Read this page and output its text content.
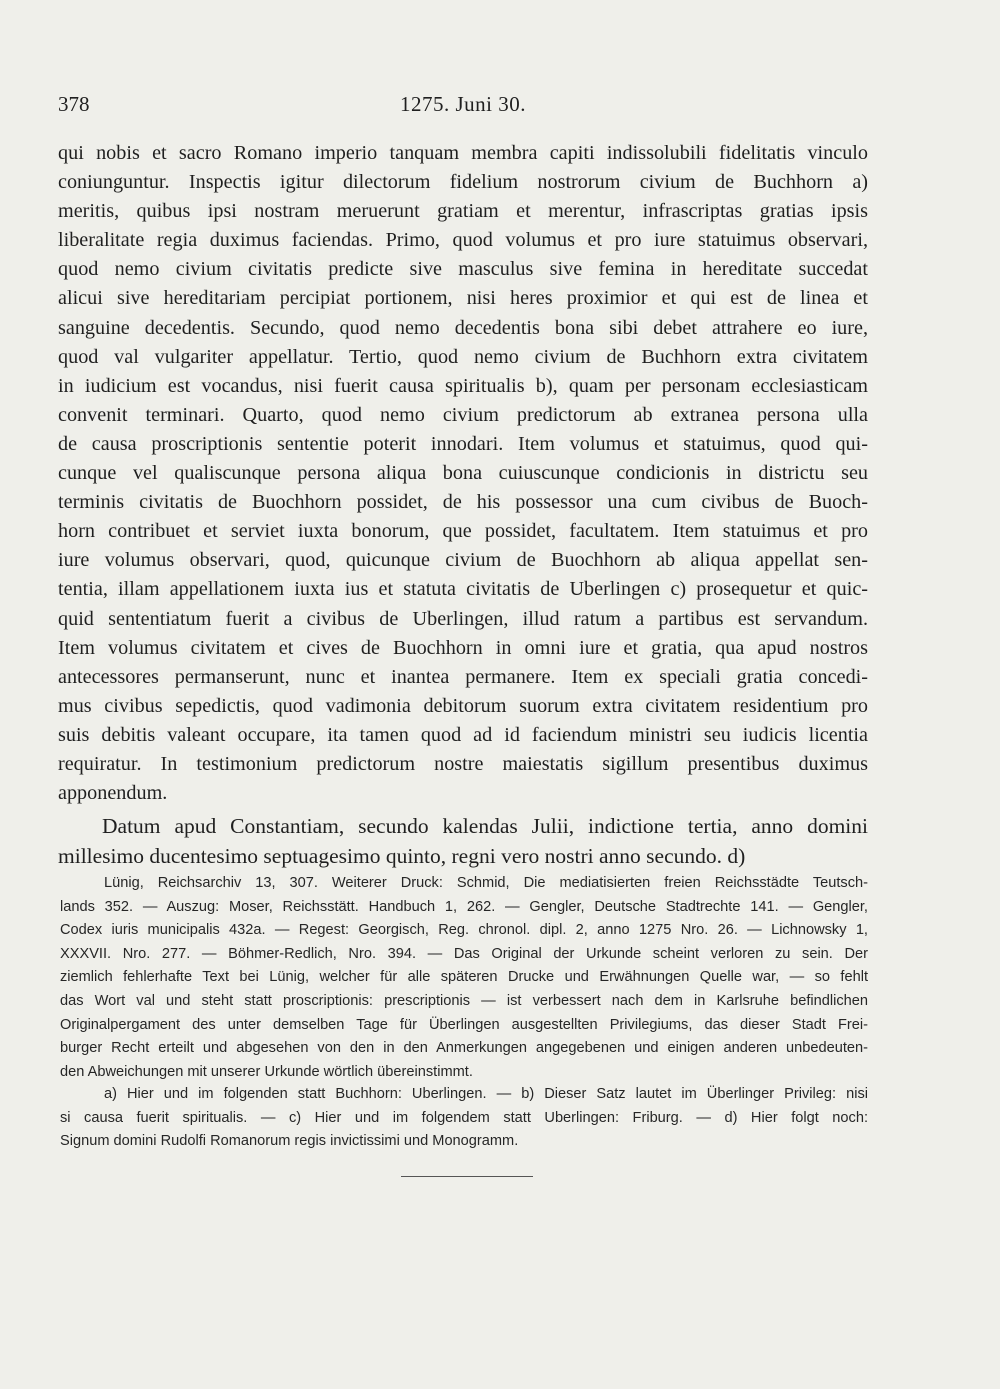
378	1275. Juni 30.
qui nobis et sacro Romano imperio tanquam membra capiti indissolubili fidelitatis vinculo
coniunguntur. Inspectis igitur dilectorum fidelium nostrorum civium de Buchhorn a)
meritis, quibus ipsi nostram meruerunt gratiam et merentur, infrascriptas gratias ipsis
liberalitate regia duximus faciendas. Primo, quod volumus et pro iure statuimus observari,
quod nemo civium civitatis predicte sive masculus sive femina in hereditate succedat
alicui sive hereditariam percipiat portionem, nisi heres proximior et qui est de linea et
sanguine decedentis. Secundo, quod nemo decedentis bona sibi debet attrahere eo iure,
quod val vulgariter appellatur. Tertio, quod nemo civium de Buchhorn extra civitatem
in iudicium est vocandus, nisi fuerit causa spiritualis b), quam per personam ecclesiasticam
convenit terminari. Quarto, quod nemo civium predictorum ab extranea persona ulla
de causa proscriptionis sententie poterit innodari. Item volumus et statuimus, quod qui-
cunque vel qualiscunque persona aliqua bona cuiuscunque condicionis in districtu seu
terminis civitatis de Buochhorn possidet, de his possessor una cum civibus de Buoch-
horn contribuet et serviet iuxta bonorum, que possidet, facultatem. Item statuimus et pro
iure volumus observari, quod, quicunque civium de Buochhorn ab aliqua appellat sen-
tentia, illam appellationem iuxta ius et statuta civitatis de Uberlingen c) prosequetur et quic-
quid sententiatum fuerit a civibus de Uberlingen, illud ratum a partibus est servandum.
Item volumus civitatem et cives de Buochhorn in omni iure et gratia, qua apud nostros
antecessores permanserunt, nunc et inantea permanere. Item ex speciali gratia concedi-
mus civibus sepedictis, quod vadimonia debitorum suorum extra civitatem residentium pro
suis debitis valeant occupare, ita tamen quod ad id faciendum ministri seu iudicis licentia
requiratur. In testimonium predictorum nostre maiestatis sigillum presentibus duximus
apponendum.
Datum apud Constantiam, secundo kalendas Julii, indictione tertia, anno domini
millesimo ducentesimo septuagesimo quinto, regni vero nostri anno secundo. d)
Lünig, Reichsarchiv 13, 307. Weiterer Druck: Schmid, Die mediatisierten freien Reichsstädte Teutsch-
lands 352. — Auszug: Moser, Reichsstätt. Handbuch 1, 262. — Gengler, Deutsche Stadtrechte 141. — Gengler,
Codex iuris municipalis 432a. — Regest: Georgisch, Reg. chronol. dipl. 2, anno 1275 Nro. 26. — Lichnowsky 1,
XXXVII. Nro. 277. — Böhmer-Redlich, Nro. 394. — Das Original der Urkunde scheint verloren zu sein. Der
ziemlich fehlerhafte Text bei Lünig, welcher für alle späteren Drucke und Erwähnungen Quelle war, — so fehlt
das Wort val und steht statt proscriptionis: prescriptionis — ist verbessert nach dem in Karlsruhe befindlichen
Originalpergament des unter demselben Tage für Überlingen ausgestellten Privilegiums, das dieser Stadt Frei-
burger Recht erteilt und abgesehen von den in den Anmerkungen angegebenen und einigen anderen unbedeuten-
den Abweichungen mit unserer Urkunde wörtlich übereinstimmt.
a) Hier und im folgenden statt Buchhorn: Uberlingen. — b) Dieser Satz lautet im Überlinger Privileg: nisi
si causa fuerit spiritualis. — c) Hier und im folgendem statt Uberlingen: Friburg. — d) Hier folgt noch:
Signum domini Rudolfi Romanorum regis invictissimi und Monogramm.
